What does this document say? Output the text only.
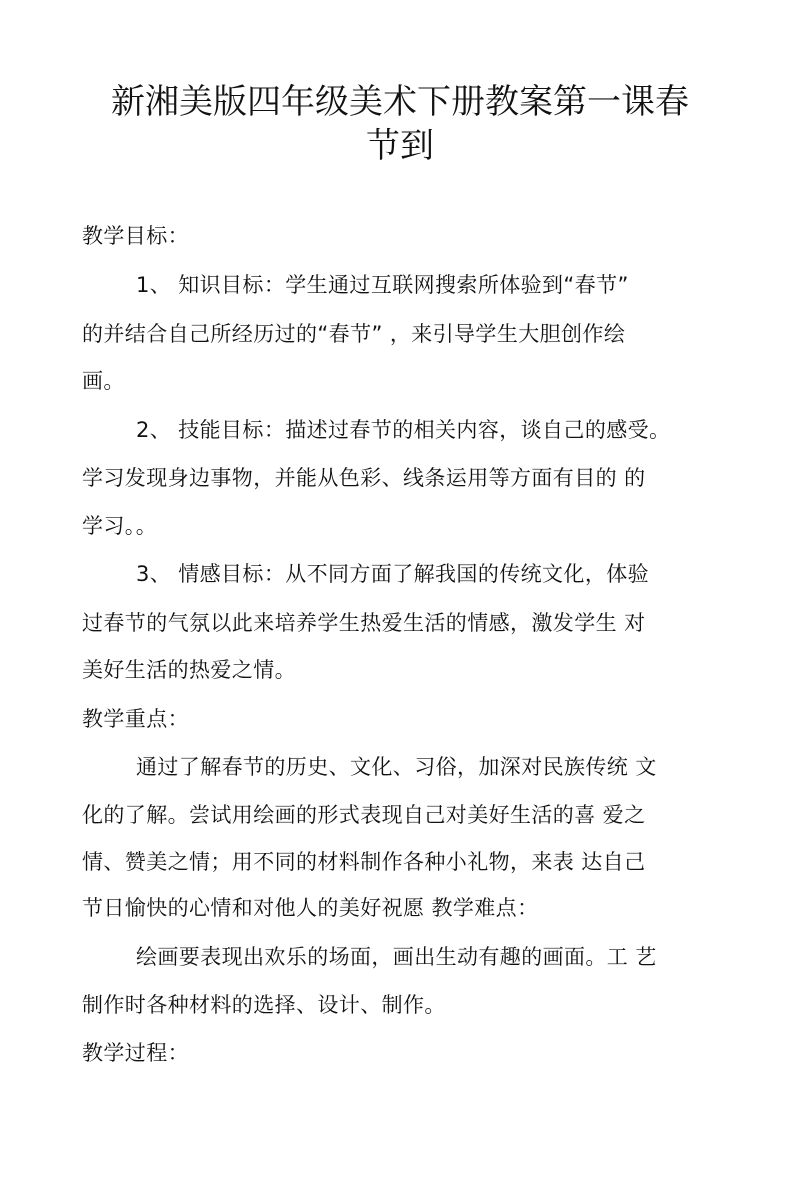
新湘美版四年级美术下册教案第一课春
节到
教学目标：
1、 知识目标：学生通过互联网搜索所体验到“春节”
的并结合自己所经历过的“春节” ，来引导学生大胆创作绘
画。
2、 技能目标：描述过春节的相关内容，谈自己的感受。
学习发现身边事物，并能从色彩、线条运用等方面有目的 的
学习。。
3、 情感目标：从不同方面了解我国的传统文化，体验
过春节的气氛以此来培养学生热爱生活的情感，激发学生 对
美好生活的热爱之情。
教学重点：
通过了解春节的历史、文化、习俗，加深对民族传统 文
化的了解。尝试用绘画的形式表现自己对美好生活的喜 爱之
情、赞美之情；用不同的材料制作各种小礼物，来表 达自己
节日愉快的心情和对他人的美好祝愿 教学难点：
绘画要表现出欢乐的场面，画出生动有趣的画面。工 艺
制作时各种材料的选择、设计、制作。
教学过程：
